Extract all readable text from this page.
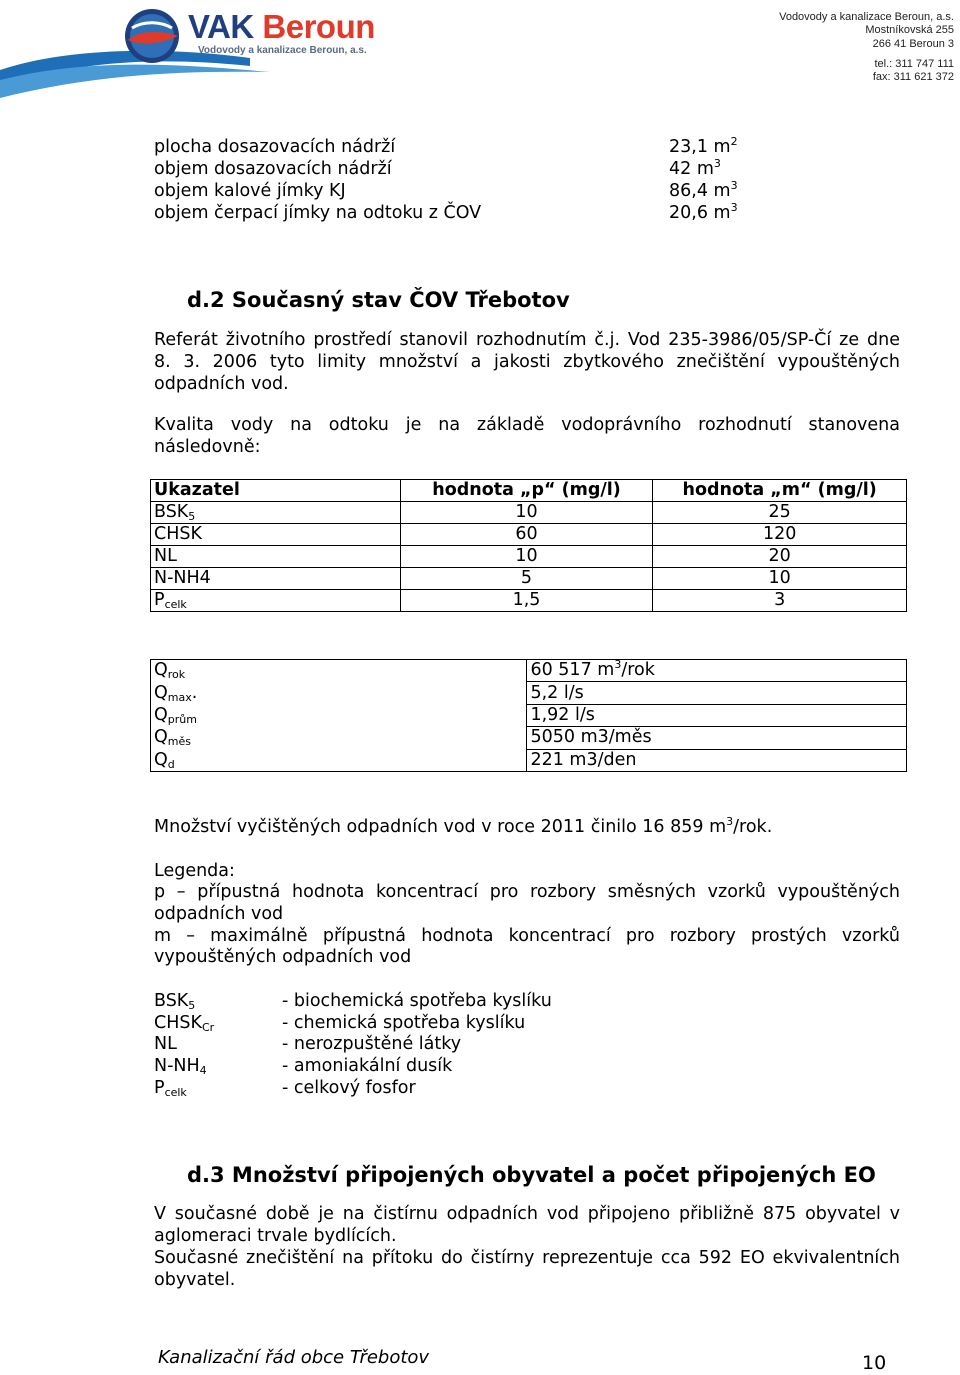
VAK Beroun
Vodovody a kanalizace Beroun, a.s.
Vodovody a kanalizace Beroun, a.s.
Mostníkovská 255
266 41 Beroun 3
tel.: 311 747 111
fax: 311 621 372
plocha dosazovacích nádrží	23,1 $m^2$
objem dosazovacích nádrží	42 $m^3$
objem kalové jímky KJ	86,4 $m^3$
objem čerpací jímky na odtoku z ČOV	20,6 $m^3$
d.2 Současný stav ČOV Třebotov
Referát životního prostředí stanovil rozhodnutím č.j. Vod 235-3986/05/SP-Čí ze dne 8. 3. 2006 tyto limity množství a jakosti zbytkového znečištění vypouštěných odpadních vod.
Kvalita vody na odtoku je na základě vodoprávního rozhodnutí stanovena následovně:
Ukazatel	hodnota „p“ (mg/l)	hodnota „m“ (mg/l)
$BSK_5$	10	25
CHSK	60	120
NL	10	20
N-NH4	5	10
$P_{celk}$	1,5	3
$Q_{rok}$	60 517 $m^3$/rok
$Q_{max}$.	5,2 l/s
$Q_{prům}$	1,92 l/s
$Q_{měs}$	5050 m3/měs
$Q_d$	221 m3/den
Množství vyčištěných odpadních vod v roce 2011 činilo 16 859 $m^3$/rok.
Legenda:
p – přípustná hodnota koncentrací pro rozbory směsných vzorků vypouštěných
odpadních vod
m – maximálně přípustná hodnota koncentrací pro rozbory prostých vzorků
vypouštěných odpadních vod
$BSK_5$	- biochemická spotřeba kyslíku
$CHSK_{Cr}$	- chemická spotřeba kyslíku
NL	- nerozpuštěné látky
$N-NH_4$	- amoniakální dusík
$P_{celk}$	- celkový fosfor
d.3 Množství připojených obyvatel a počet připojených EO
V současné době je na čistírnu odpadních vod připojeno přibližně 875 obyvatel v aglomeraci trvale bydlících.
Současné znečištění na přítoku do čistírny reprezentuje cca 592 EO ekvivalentních obyvatel.
Kanalizační řád obce Třebotov	10
